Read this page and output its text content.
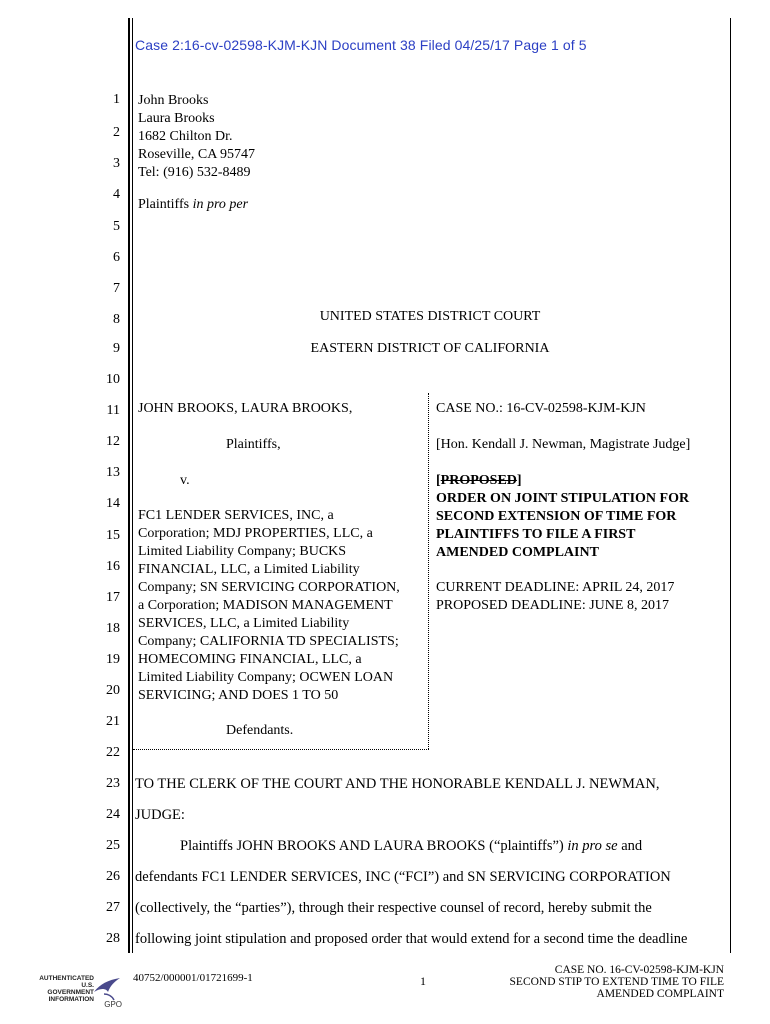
Case 2:16-cv-02598-KJM-KJN Document 38 Filed 04/25/17 Page 1 of 5
1
2
3
4
5
6
7
8
9
10
11
12
13
14
15
16
17
18
19
20
21
22
23
24
25
26
27
28
John Brooks
Laura Brooks
1682 Chilton Dr.
Roseville, CA 95747
Tel: (916) 532-8489
Plaintiffs in pro per
UNITED STATES DISTRICT COURT
EASTERN DISTRICT OF CALIFORNIA
JOHN BROOKS, LAURA BROOKS,
Plaintiffs,
v.
FC1 LENDER SERVICES, INC, a
Corporation; MDJ PROPERTIES, LLC, a
Limited Liability Company; BUCKS
FINANCIAL, LLC, a Limited Liability
Company; SN SERVICING CORPORATION,
a Corporation; MADISON MANAGEMENT
SERVICES, LLC, a Limited Liability
Company; CALIFORNIA TD SPECIALISTS;
HOMECOMING FINANCIAL, LLC, a
Limited Liability Company; OCWEN LOAN
SERVICING; AND DOES 1 TO 50
Defendants.
CASE NO.: 16-CV-02598-KJM-KJN
[Hon. Kendall J. Newman, Magistrate Judge]
[PROPOSED]
ORDER ON JOINT STIPULATION FOR
SECOND EXTENSION OF TIME FOR
PLAINTIFFS TO FILE A FIRST
AMENDED COMPLAINT
CURRENT DEADLINE: APRIL 24, 2017
PROPOSED DEADLINE: JUNE 8, 2017
TO THE CLERK OF THE COURT AND THE HONORABLE KENDALL J. NEWMAN,
JUDGE:
Plaintiffs JOHN BROOKS AND LAURA BROOKS (“plaintiffs”) in pro se and
defendants FC1 LENDER SERVICES, INC (“FCI”) and SN SERVICING CORPORATION
(collectively, the “parties”), through their respective counsel of record, hereby submit the
following joint stipulation and proposed order that would extend for a second time the deadline
AUTHENTICATED
U.S. GOVERNMENT
INFORMATION
GPO
40752/000001/01721699-1	1
CASE NO. 16-CV-02598-KJM-KJN
SECOND STIP TO EXTEND TIME TO FILE
AMENDED COMPLAINT
